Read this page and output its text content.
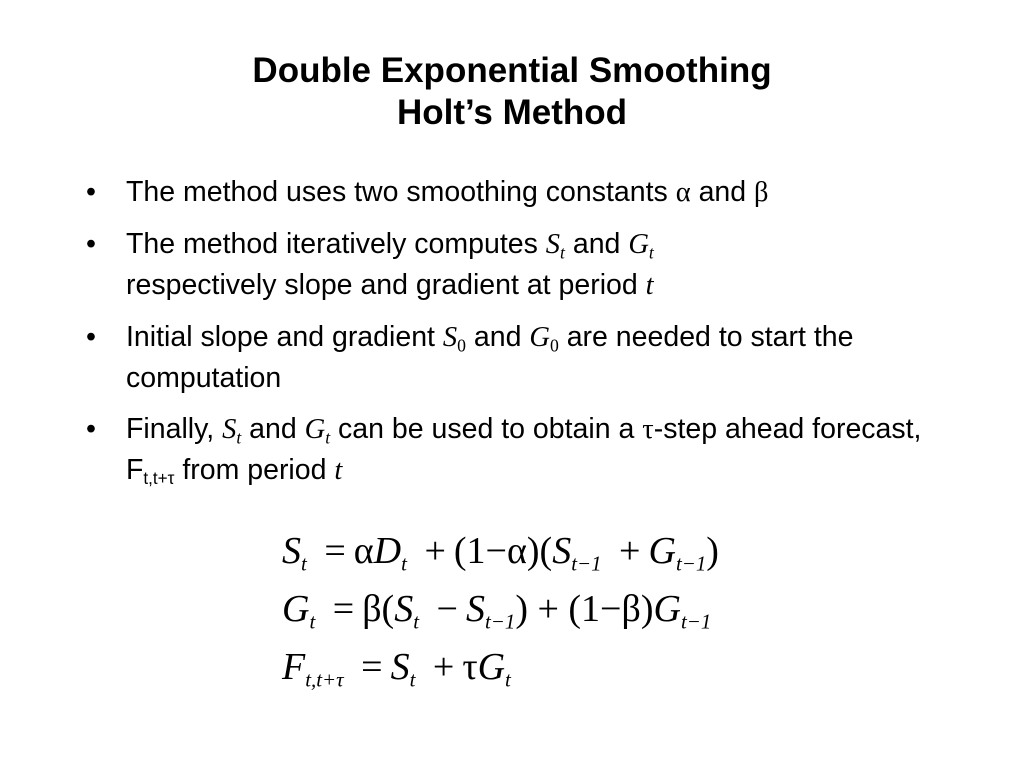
Double Exponential Smoothing
Holt’s Method
• The method uses two smoothing constants α and β
• The method iteratively computes $S_t$ and $G_t$
respectively slope and gradient at period t
• Initial slope and gradient $S_0$ and $G_0$ are needed to start the computation
• Finally, $S_t$ and $G_t$ can be used to obtain a τ-step ahead forecast, Ft,t+τ from period t
St = αDt + (1−α)(St−1 + Gt−1)
Gt = β(St − St−1) + (1−β)Gt−1
Ft,t+τ = St + τGt
